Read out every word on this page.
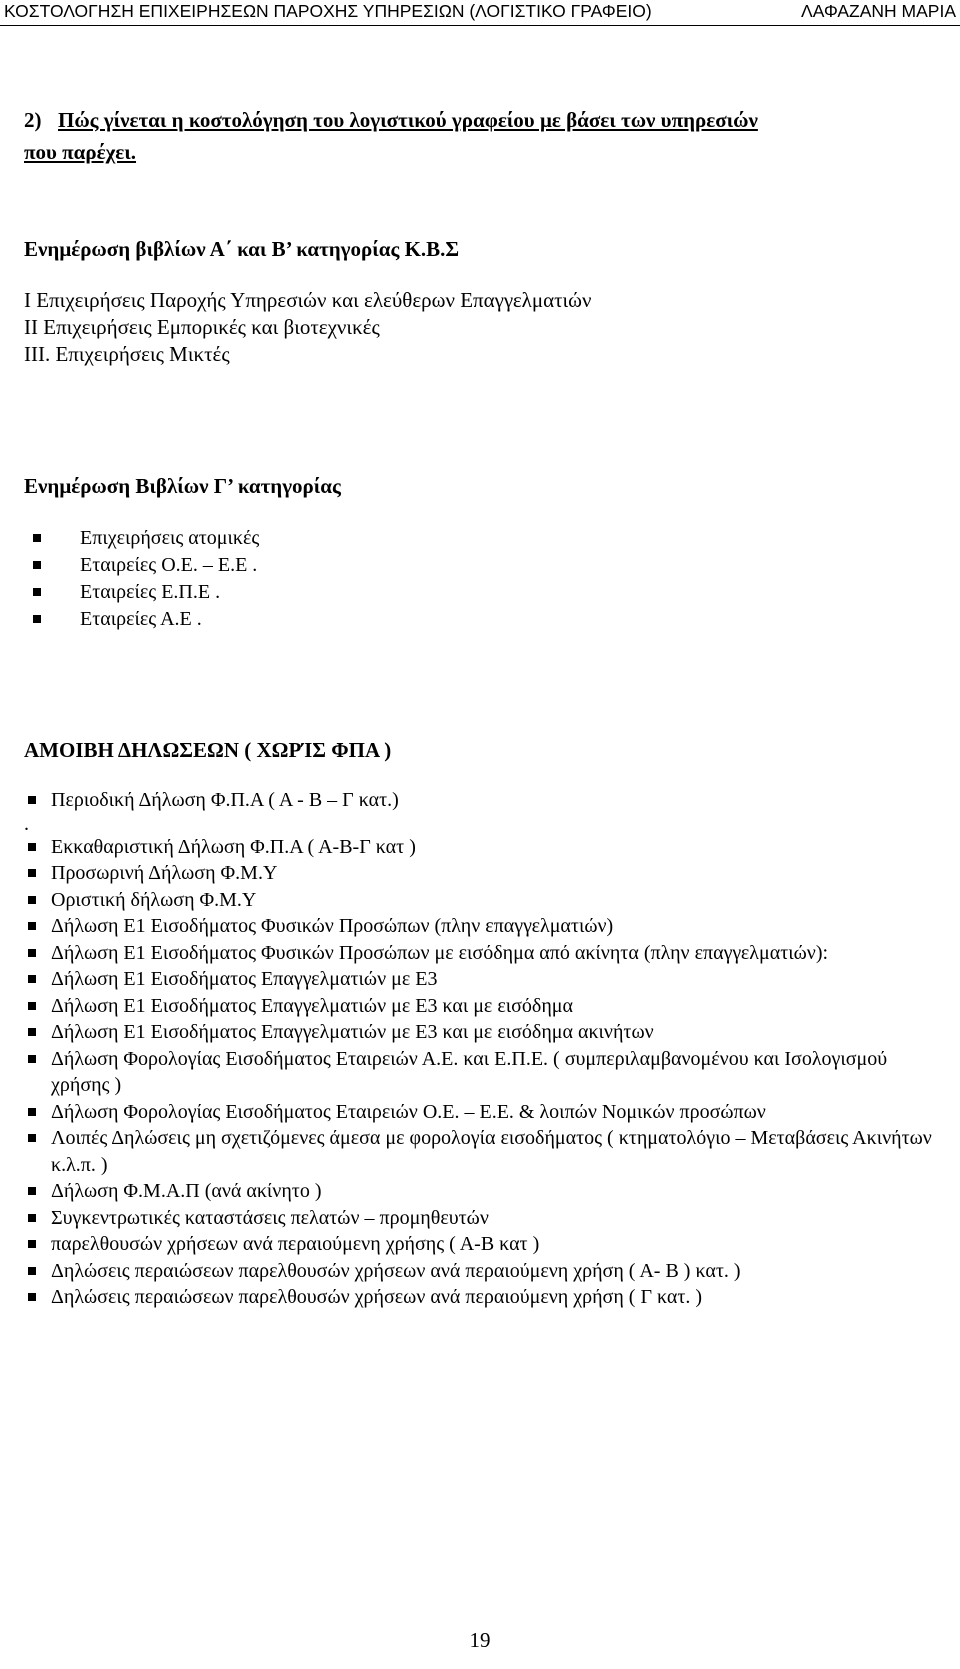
ΚΟΣΤΟΛΟΓΗΣΗ ΕΠΙΧΕΙΡΗΣΕΩΝ ΠΑΡΟΧΗΣ ΥΠΗΡΕΣΙΩΝ (ΛΟΓΙΣΤΙΚΟ ΓΡΑΦΕΙΟ)	ΛΑΦΑΖΑΝΗ ΜΑΡΙΑ
2) Πώς γίνεται η κοστολόγηση του λογιστικού γραφείου με βάσει των υπηρεσιών
που παρέχει.

Ενημέρωση βιβλίων Α΄ και Β’ κατηγορίας Κ.Β.Σ

Ι Επιχειρήσεις Παροχής Υπηρεσιών και ελεύθερων Επαγγελματιών

ΙΙ Επιχειρήσεις Εμπορικές και βιοτεχνικές

ΙΙΙ. Επιχειρήσεις Μικτές

Ενημέρωση Βιβλίων Γ’ κατηγορίας

Επιχειρήσεις ατομικές
Εταιρείες Ο.Ε. – Ε.Ε .
Εταιρείες Ε.Π.Ε .
Εταιρείες Α.Ε .

ΑΜΟΙΒΗ ΔΗΛΩΣΕΩΝ ( ΧΩΡΊΣ ΦΠΑ )

Περιοδική Δήλωση Φ.Π.Α ( Α - Β – Γ κατ.)
.
Εκκαθαριστική Δήλωση Φ.Π.Α ( Α-Β-Γ κατ )
Προσωρινή Δήλωση Φ.Μ.Υ
Οριστική δήλωση Φ.Μ.Υ
Δήλωση Ε1 Εισοδήματος Φυσικών Προσώπων (πλην επαγγελματιών)
Δήλωση Ε1 Εισοδήματος Φυσικών Προσώπων με εισόδημα από ακίνητα (πλην επαγγελματιών):
Δήλωση Ε1 Εισοδήματος Επαγγελματιών με Ε3
Δήλωση Ε1 Εισοδήματος Επαγγελματιών με Ε3 και με εισόδημα
Δήλωση Ε1 Εισοδήματος Επαγγελματιών με Ε3 και με εισόδημα ακινήτων
Δήλωση Φορολογίας Εισοδήματος Εταιρειών Α.Ε. και Ε.Π.Ε. ( συμπεριλαμβανομένου και Ισολογισμού χρήσης )
Δήλωση Φορολογίας Εισοδήματος Εταιρειών Ο.Ε. – Ε.Ε. & λοιπών Νομικών προσώπων
Λοιπές Δηλώσεις μη σχετιζόμενες άμεσα με φορολογία εισοδήματος ( κτηματολόγιο – Μεταβάσεις Ακινήτων κ.λ.π. )
Δήλωση Φ.Μ.Α.Π (ανά ακίνητο )
Συγκεντρωτικές καταστάσεις πελατών – προμηθευτών
παρελθουσών χρήσεων ανά περαιούμενη χρήσης ( Α-Β κατ )
Δηλώσεις περαιώσεων παρελθουσών χρήσεων ανά περαιούμενη χρήση ( Α- Β ) κατ. )
Δηλώσεις περαιώσεων παρελθουσών χρήσεων ανά περαιούμενη χρήση ( Γ κατ. )
19
